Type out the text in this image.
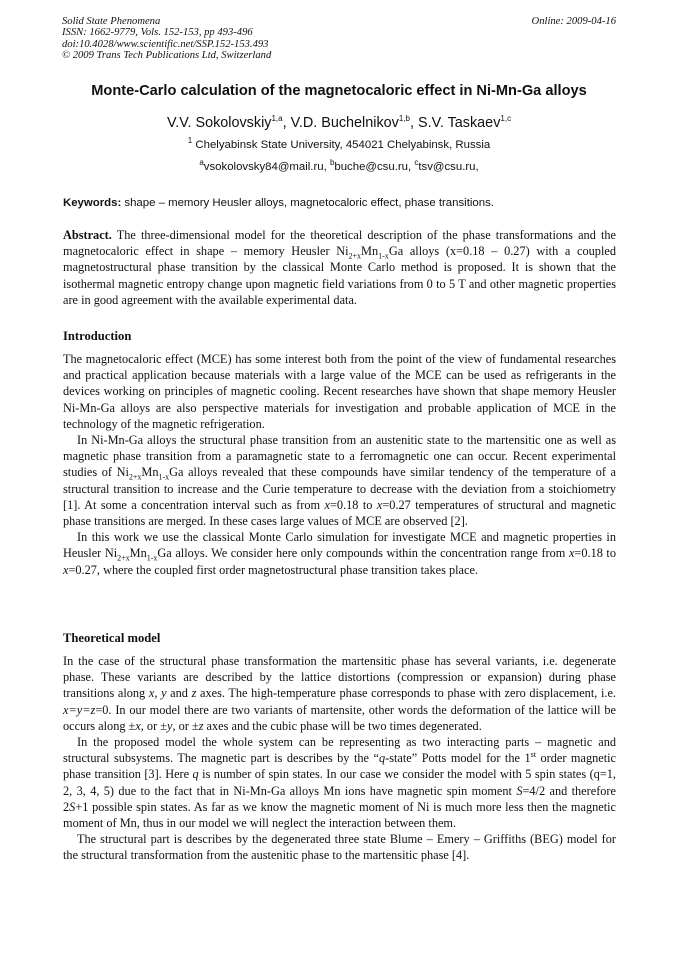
Solid State Phenomena
ISSN: 1662-9779, Vols. 152-153, pp 493-496
doi:10.4028/www.scientific.net/SSP.152-153.493
© 2009 Trans Tech Publications Ltd, Switzerland
Online: 2009-04-16
Monte-Carlo calculation of the magnetocaloric effect in Ni-Mn-Ga alloys
V.V. Sokolovskiy$^{1,a}$, V.D. Buchelnikov$^{1,b}$, S.V. Taskaev$^{1,c}$
$^1$ Chelyabinsk State University, 454021 Chelyabinsk, Russia
$^a$vsokolovsky84@mail.ru, $^b$buche@csu.ru, $^c$tsv@csu.ru,
Keywords: shape – memory Heusler alloys, magnetocaloric effect, phase transitions.

Abstract. The three-dimensional model for the theoretical description of the phase transformations and the magnetocaloric effect in shape – memory Heusler $Ni_{2+x}Mn_{1-x}Ga$ alloys (x=0.18 – 0.27) with a coupled magnetostructural phase transition by the classical Monte Carlo method is proposed. It is shown that the isothermal magnetic entropy change upon magnetic field variations from 0 to 5 T and other magnetic properties are in good agreement with the available experimental data.

Introduction

The magnetocaloric effect (MCE) has some interest both from the point of the view of fundamental researches and practical application because materials with a large value of the MCE can be used as refrigerants in the devices working on principles of magnetic cooling. Recent researches have shown that shape memory Heusler Ni-Mn-Ga alloys are also perspective materials for investigation and probable application of MCE in the technology of the magnetic refrigeration.

In Ni-Mn-Ga alloys the structural phase transition from an austenitic state to the martensitic one as well as magnetic phase transition from a paramagnetic state to a ferromagnetic one can occur. Recent experimental studies of $Ni_{2+x}Mn_{1-x}Ga$ alloys revealed that these compounds have similar tendency of the temperature of a structural transition to increase and the Curie temperature to decrease with the deviation from a stoichiometry [1]. At some a concentration interval such as from x=0.18 to x=0.27 temperatures of structural and magnetic phase transitions are merged. In these cases large values of MCE are observed [2].

In this work we use the classical Monte Carlo simulation for investigate MCE and magnetic properties in Heusler $Ni_{2+x}Mn_{1-x}Ga$ alloys. We consider here only compounds within the concentration range from x=0.18 to x=0.27, where the coupled first order magnetostructural phase transition takes place.

Theoretical model

In the case of the structural phase transformation the martensitic phase has several variants, i.e. degenerate phase. These variants are described by the lattice distortions (compression or expansion) during phase transitions along x, y and z axes. The high-temperature phase corresponds to phase with zero displacement, i.e. x=y=z=0. In our model there are two variants of martensite, other words the deformation of the lattice will be occurs along ±x, or ±y, or ±z axes and the cubic phase will be two times degenerated.

In the proposed model the whole system can be representing as two interacting parts – magnetic and structural subsystems. The magnetic part is describes by the “q-state” Potts model for the 1st order magnetic phase transition [3]. Here q is number of spin states. In our case we consider the model with 5 spin states (q=1, 2, 3, 4, 5) due to the fact that in Ni-Mn-Ga alloys Mn ions have magnetic spin moment S=4/2 and therefore 2S+1 possible spin states. As far as we know the magnetic moment of Ni is much more less then the magnetic moment of Mn, thus in our model we will neglect the interaction between them.

The structural part is describes by the degenerated three state Blume – Emery – Griffiths (BEG) model for the structural transformation from the austenitic phase to the martensitic phase [4].
